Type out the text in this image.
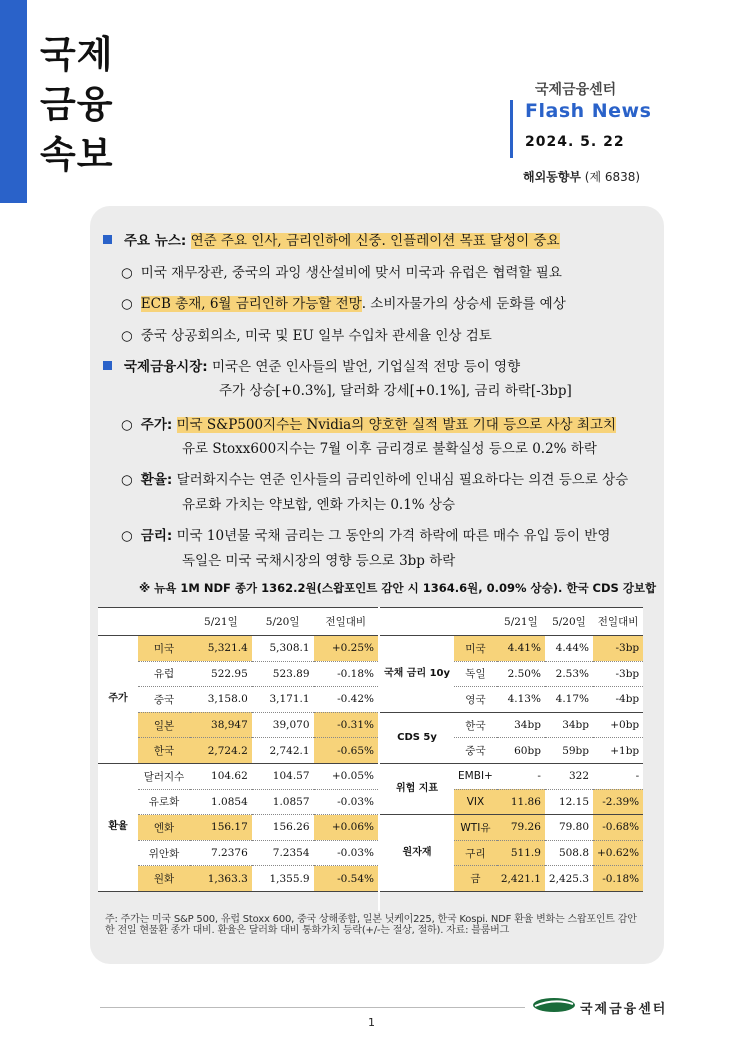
국제
금융
속보
국제금융센터
Flash News
2024. 5. 22
해외동향부 (제 6838)
주요 뉴스: 연준 주요 인사, 금리인하에 신중. 인플레이션 목표 달성이 중요
○ 미국 재무장관, 중국의 과잉 생산설비에 맞서 미국과 유럽은 협력할 필요
○ ECB 총재, 6월 금리인하 가능할 전망. 소비자물가의 상승세 둔화를 예상
○ 중국 상공회의소, 미국 및 EU 일부 수입차 관세율 인상 검토
국제금융시장: 미국은 연준 인사들의 발언, 기업실적 전망 등이 영향
주가 상승[+0.3%], 달러화 강세[+0.1%], 금리 하락[-3bp]
○ 주가: 미국 S&P500지수는 Nvidia의 양호한 실적 발표 기대 등으로 사상 최고치
유로 Stoxx600지수는 7월 이후 금리경로 불확실성 등으로 0.2% 하락
○ 환율: 달러화지수는 연준 인사들의 금리인하에 인내심 필요하다는 의견 등으로 상승
유로화 가치는 약보합, 엔화 가치는 0.1% 상승
○ 금리: 미국 10년물 국채 금리는 그 동안의 가격 하락에 따른 매수 유입 등이 반영
독일은 미국 국채시장의 영향 등으로 3bp 하락
※ 뉴욕 1M NDF 종가 1362.2원(스왑포인트 감안 시 1364.6원, 0.09% 상승). 한국 CDS 강보합
		5/21일	5/20일	전일대비
주가	미국	5,321.4	5,308.1	+0.25%
	유럽	522.95	523.89	-0.18%
	중국	3,158.0	3,171.1	-0.42%
	일본	38,947	39,070	-0.31%
	한국	2,724.2	2,742.1	-0.65%
환율	달러지수	104.62	104.57	+0.05%
	유로화	1.0854	1.0857	-0.03%
	엔화	156.17	156.26	+0.06%
	위안화	7.2376	7.2354	-0.03%
	원화	1,363.3	1,355.9	-0.54%
		5/21일	5/20일	전일대비
국채 금리 10y	미국	4.41%	4.44%	-3bp
	독일	2.50%	2.53%	-3bp
	영국	4.13%	4.17%	-4bp
CDS 5y	한국	34bp	34bp	+0bp
	중국	60bp	59bp	+1bp
위험 지표	EMBI+	-	322	-
	VIX	11.86	12.15	-2.39%
원자재	WTI유	79.26	79.80	-0.68%
	구리	511.9	508.8	+0.62%
	금	2,421.1	2,425.3	-0.18%
주: 주가는 미국 S&P 500, 유럽 Stoxx 600, 중국 상해종합, 일본 닛케이225, 한국 Kospi. NDF 환율 변화는 스왑포인트 감안한 전일 현물환 종가 대비. 환율은 달러화 대비 통화가치 등락(+/-는 절상, 절하). 자료: 블룸버그
국제금융센터
1
